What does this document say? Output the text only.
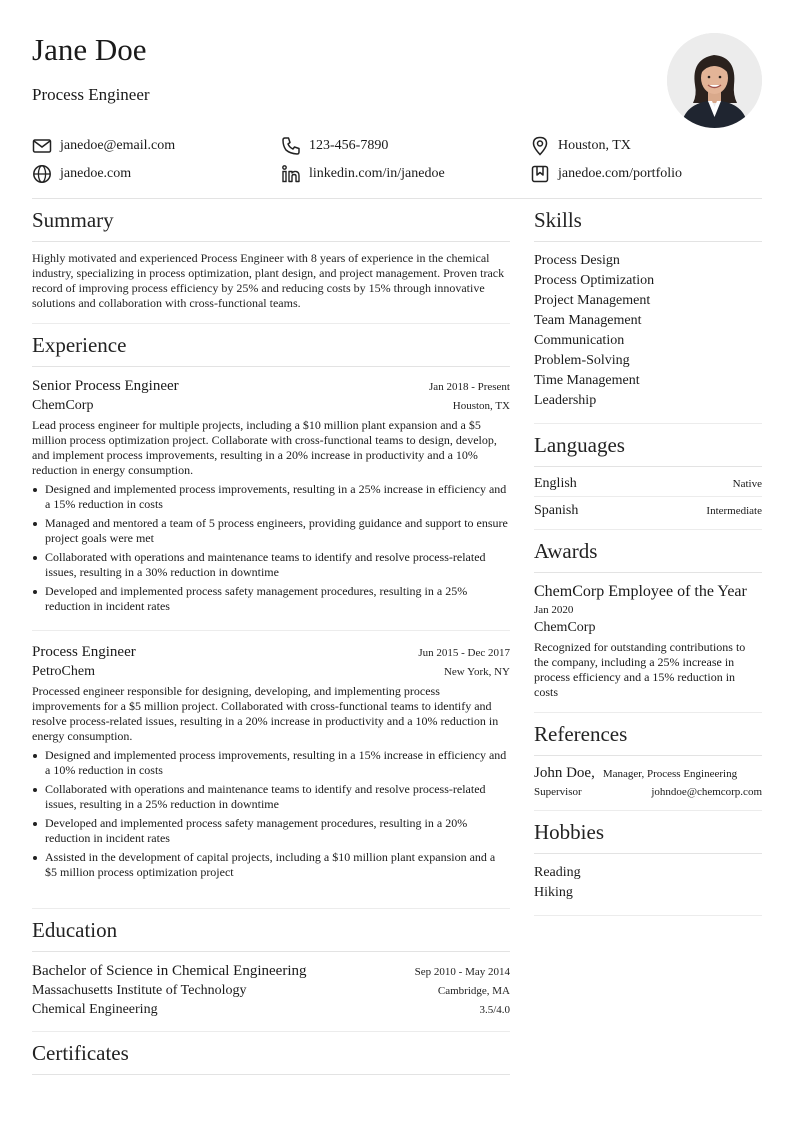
Jane Doe
Process Engineer
janedoe@email.com	123-456-7890	Houston, TX
janedoe.com	linkedin.com/in/janedoe	janedoe.com/portfolio
Summary

Highly motivated and experienced Process Engineer with 8 years of experience in the chemical industry, specializing in process optimization, plant design, and project management. Proven track record of improving process efficiency by 25% and reducing costs by 15% through innovative solutions and collaboration with cross-functional teams.

Experience
Senior Process Engineer	Jan 2018 - Present
ChemCorp	Houston, TX

Lead process engineer for multiple projects, including a $10 million plant expansion and a $5 million process optimization project. Collaborate with cross-functional teams to design, develop, and implement process improvements, resulting in a 20% increase in productivity and a 10% reduction in energy consumption.

Designed and implemented process improvements, resulting in a 25% increase in efficiency and a 15% reduction in costs
Managed and mentored a team of 5 process engineers, providing guidance and support to ensure project goals were met
Collaborated with operations and maintenance teams to identify and resolve process-related issues, resulting in a 30% reduction in downtime
Developed and implemented process safety management procedures, resulting in a 25% reduction in incident rates
Process Engineer	Jun 2015 - Dec 2017
PetroChem	New York, NY

Processed engineer responsible for designing, developing, and implementing process improvements for a $5 million project. Collaborated with cross-functional teams to identify and resolve process-related issues, resulting in a 20% increase in productivity and a 10% reduction in energy consumption.

Designed and implemented process improvements, resulting in a 15% increase in efficiency and a 10% reduction in costs
Collaborated with operations and maintenance teams to identify and resolve process-related issues, resulting in a 25% reduction in downtime
Developed and implemented process safety management procedures, resulting in a 20% reduction in incident rates
Assisted in the development of capital projects, including a $10 million plant expansion and a $5 million process optimization project
Education
Bachelor of Science in Chemical Engineering	Sep 2010 - May 2014
Massachusetts Institute of Technology	Cambridge, MA
Chemical Engineering	3.5/4.0
Certificates
Skills
Process Design
Process Optimization
Project Management
Team Management
Communication
Problem-Solving
Time Management
Leadership
Languages
English	Native
Spanish	Intermediate
Awards
ChemCorp Employee of the Year
Jan 2020
ChemCorp

Recognized for outstanding contributions to the company, including a 25% increase in process efficiency and a 15% reduction in costs

References
John Doe, Manager, Process Engineering
Supervisor	johndoe@chemcorp.com
Hobbies
Reading
Hiking
